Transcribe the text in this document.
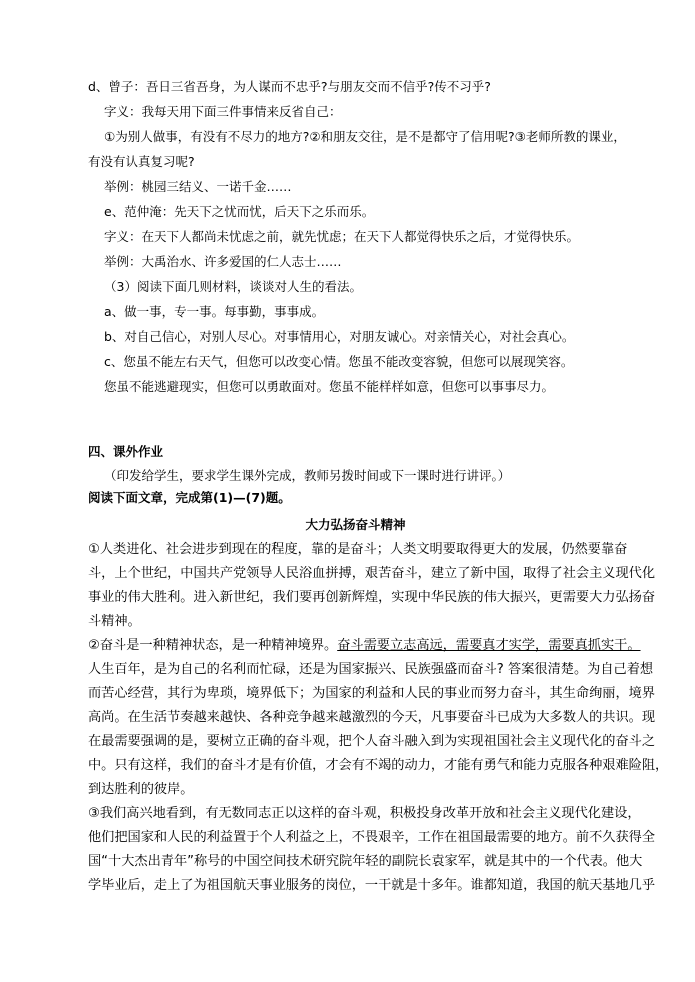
d、曾子：吾日三省吾身，为人谋而不忠乎?与朋友交而不信乎?传不习乎?
字义：我每天用下面三件事情来反省自己：
①为别人做事，有没有不尽力的地方?②和朋友交往，是不是都守了信用呢?③老师所教的课业，
有没有认真复习呢?
举例：桃园三结义、一诺千金……
e、范仲淹：先天下之忧而忧，后天下之乐而乐。
字义：在天下人都尚未忧虑之前，就先忧虑；在天下人都觉得快乐之后，才觉得快乐。
举例：大禹治水、许多爱国的仁人志士……
（3）阅读下面几则材料，谈谈对人生的看法。
a、做一事，专一事。每事勤，事事成。
b、对自己信心，对别人尽心。对事情用心，对朋友诚心。对亲情关心，对社会真心。
c、您虽不能左右天气，但您可以改变心情。您虽不能改变容貌，但您可以展现笑容。
您虽不能逃避现实，但您可以勇敢面对。您虽不能样样如意，但您可以事事尽力。
四、课外作业
（印发给学生，要求学生课外完成，教师另拨时间或下一课时进行讲评。）
阅读下面文章，完成第(1)—(7)题。
大力弘扬奋斗精神
①人类进化、社会进步到现在的程度，靠的是奋斗；人类文明要取得更大的发展，仍然要靠奋
斗，上个世纪，中国共产党领导人民浴血拼搏，艰苦奋斗，建立了新中国，取得了社会主义现代化
事业的伟大胜利。进入新世纪，我们要再创新辉煌，实现中华民族的伟大振兴，更需要大力弘扬奋
斗精神。
②奋斗是一种精神状态，是一种精神境界。奋斗需要立志高远，需要真才实学，需要真抓实干。
人生百年，是为自己的名利而忙碌，还是为国家振兴、民族强盛而奋斗? 答案很清楚。为自己着想
而苦心经营，其行为卑琐，境界低下；为国家的利益和人民的事业而努力奋斗，其生命绚丽，境界
高尚。在生活节奏越来越快、各种竞争越来越激烈的今天，凡事要奋斗已成为大多数人的共识。现
在最需要强调的是，要树立正确的奋斗观，把个人奋斗融入到为实现祖国社会主义现代化的奋斗之
中。只有这样，我们的奋斗才是有价值，才会有不竭的动力，才能有勇气和能力克服各种艰难险阻，
到达胜利的彼岸。
③我们高兴地看到，有无数同志正以这样的奋斗观，积极投身改革开放和社会主义现代化建设，
他们把国家和人民的利益置于个人利益之上，不畏艰辛，工作在祖国最需要的地方。前不久获得全
国“十大杰出青年”称号的中国空间技术研究院年轻的副院长袁家军，就是其中的一个代表。他大
学毕业后，走上了为祖国航天事业服务的岗位，一干就是十多年。谁都知道，我国的航天基地几乎
